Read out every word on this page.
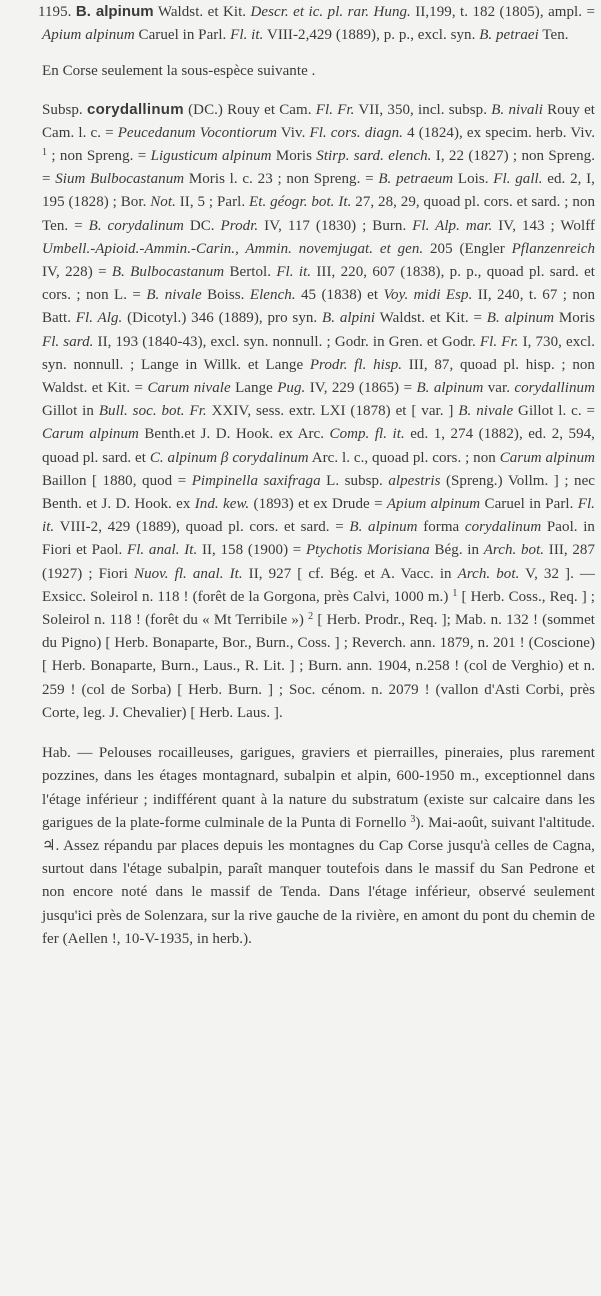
1195. B. alpinum Waldst. et Kit. Descr. et ic. pl. rar. Hung. II,199, t. 182 (1805), ampl. = Apium alpinum Caruel in Parl. Fl. it. VIII-2,429 (1889), p. p., excl. syn. B. petraei Ten.

En Corse seulement la sous-espèce suivante .

Subsp. corydallinum (DC.) Rouy et Cam. Fl. Fr. VII, 350, incl. subsp. B. nivali Rouy et Cam. l. c. = Peucedanum Vocontiorum Viv. Fl. cors. diagn. 4 (1824), ex specim. herb. Viv. $^1$ ; non Spreng. = Ligusticum alpinum Moris Stirp. sard. elench. I, 22 (1827) ; non Spreng. = Sium Bulbocastanum Moris l. c. 23 ; non Spreng. = B. petraeum Lois. Fl. gall. ed. 2, I, 195 (1828) ; Bor. Not. II, 5 ; Parl. Et. géogr. bot. It. 27, 28, 29, quoad pl. cors. et sard. ; non Ten. = B. corydalinum DC. Prodr. IV, 117 (1830) ; Burn. Fl. Alp. mar. IV, 143 ; Wolff Umbell.-Apioid.-Ammin.-Carin., Ammin. novemjugat. et gen. 205 (Engler Pflanzenreich IV, 228) = B. Bulbocastanum Bertol. Fl. it. III, 220, 607 (1838), p. p., quoad pl. sard. et cors. ; non L. = B. nivale Boiss. Elench. 45 (1838) et Voy. midi Esp. II, 240, t. 67 ; non Batt. Fl. Alg. (Dicotyl.) 346 (1889), pro syn. B. alpini Waldst. et Kit. = B. alpinum Moris Fl. sard. II, 193 (1840-43), excl. syn. nonnull. ; Godr. in Gren. et Godr. Fl. Fr. I, 730, excl. syn. nonnull. ; Lange in Willk. et Lange Prodr. fl. hisp. III, 87, quoad pl. hisp. ; non Waldst. et Kit. = Carum nivale Lange Pug. IV, 229 (1865) = B. alpinum var. corydallinum Gillot in Bull. soc. bot. Fr. XXIV, sess. extr. LXI (1878) et [ var. ] B. nivale Gillot l. c. = Carum alpinum Benth.et J. D. Hook. ex Arc. Comp. fl. it. ed. 1, 274 (1882), ed. 2, 594, quoad pl. sard. et C. alpinum β corydalinum Arc. l. c., quoad pl. cors. ; non Carum alpinum Baillon [ 1880, quod = Pimpinella saxifraga L. subsp. alpestris (Spreng.) Vollm. ] ; nec Benth. et J. D. Hook. ex Ind. kew. (1893) et ex Drude = Apium alpinum Caruel in Parl. Fl. it. VIII-2, 429 (1889), quoad pl. cors. et sard. = B. alpinum forma corydalinum Paol. in Fiori et Paol. Fl. anal. It. II, 158 (1900) = Ptychotis Morisiana Bég. in Arch. bot. III, 287 (1927) ; Fiori Nuov. fl. anal. It. II, 927 [ cf. Bég. et A. Vacc. in Arch. bot. V, 32 ]. — Exsicc. Soleirol n. 118 ! (forêt de la Gorgona, près Calvi, 1000 m.) $^1$ [ Herb. Coss., Req. ] ; Soleirol n. 118 ! (forêt du « Mt Terribile ») $^2$ [ Herb. Prodr., Req. ]; Mab. n. 132 ! (sommet du Pigno) [ Herb. Bonaparte, Bor., Burn., Coss. ] ; Reverch. ann. 1879, n. 201 ! (Coscione) [ Herb. Bonaparte, Burn., Laus., R. Lit. ] ; Burn. ann. 1904, n.258 ! (col de Verghio) et n. 259 ! (col de Sorba) [ Herb. Burn. ] ; Soc. cénom. n. 2079 ! (vallon d'Asti Corbi, près Corte, leg. J. Chevalier) [ Herb. Laus. ].

Hab. — Pelouses rocailleuses, garigues, graviers et pierrailles, pineraies, plus rarement pozzines, dans les étages montagnard, subalpin et alpin, 600-1950 m., exceptionnel dans l'étage inférieur ; indifférent quant à la nature du substratum (existe sur calcaire dans les garigues de la plate-forme culminale de la Punta di Fornello $^3$). Mai-août, suivant l'altitude. ♃. Assez répandu par places depuis les montagnes du Cap Corse jusqu'à celles de Cagna, surtout dans l'étage subalpin, paraît manquer toutefois dans le massif du San Pedrone et non encore noté dans le massif de Tenda. Dans l'étage inférieur, observé seulement jusqu'ici près de Solenzara, sur la rive gauche de la rivière, en amont du pont du chemin de fer (Aellen !, 10-V-1935, in herb.).
